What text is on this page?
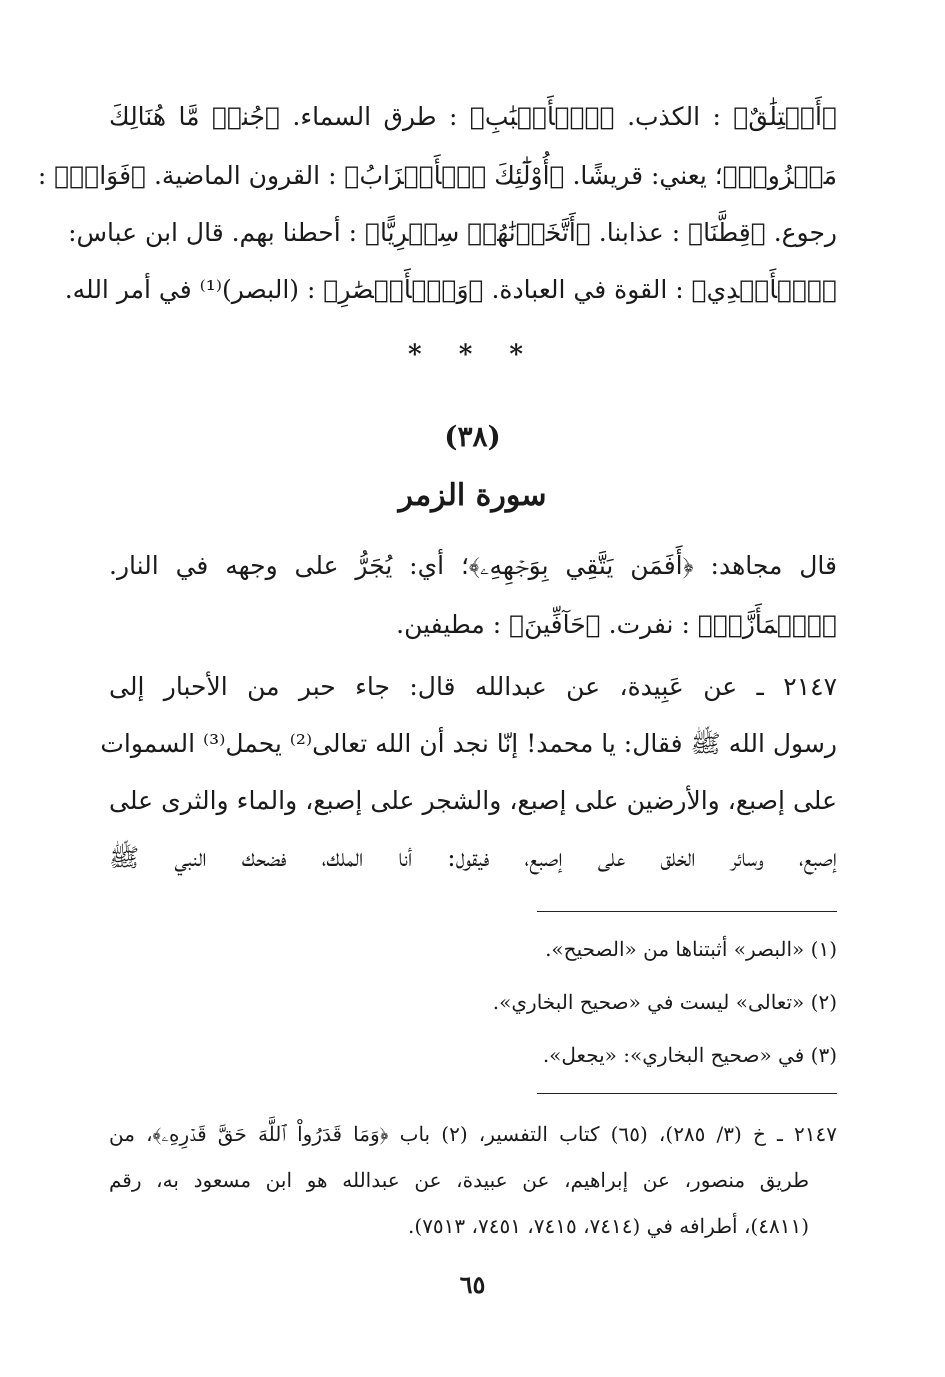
﴿أَخۡتِلَٰقٌ﴾ : الكذب. ﴿ٱلۡأَسۡبَٰبِ﴾ : طرق السماء. ﴿جُندٞ مَّا هُنَالِكَ
مَهۡزُومٞ﴾؛ يعني: قريشًا. ﴿أُوْلَٰٓئِكَ ٱلۡأَحۡزَابُ﴾ : القرون الماضية. ﴿فَوَاقٖ﴾ :
رجوع. ﴿قِطَّنَا﴾ : عذابنا. ﴿أَتَّخَذۡنَٰهُمۡ سِخۡرِيًّا﴾ : أحطنا بهم. قال ابن عباس:
﴿ٱلۡأَيۡدِي﴾ : القوة في العبادة. ﴿وَٱلۡأَبۡصَٰرِ﴾ : (البصر)⁽¹⁾ في أمر الله.
* * *
(٣٨)
سورة الزمر
قال مجاهد: ﴿أَفَمَن يَتَّقِي بِوَجۡهِهِۦ﴾؛ أي: يُجَرُّ على وجهه في النار.
﴿ٱشۡمَأَزَّتۡ﴾ : نفرت. ﴿حَآفِّينَ﴾ : مطيفين.
٢١٤٧ ـ عن عَبِيدة، عن عبدالله قال: جاء حبر من الأحبار إلى
رسول الله ﷺ فقال: يا محمد! إنّا نجد أن الله تعالى⁽²⁾ يحمل⁽³⁾ السموات
على إصبع، والأرضين على إصبع، والشجر على إصبع، والماء والثرى على
إصبع، وسائر الخلق على إصبع، فيقول: أنا الملك، فضحك النبي ﷺ
(١) «البصر» أثبتناها من «الصحيح».
(٢) «تعالى» ليست في «صحيح البخاري».
(٣) في «صحيح البخاري»: «يجعل».
٢١٤٧ ـ خ (٣/ ٢٨٥)، (٦٥) كتاب التفسير، (٢) باب ﴿وَمَا قَدَرُواْ ٱللَّهَ حَقَّ قَدۡرِهِۦ﴾، من
طريق منصور، عن إبراهيم، عن عبيدة، عن عبدالله هو ابن مسعود به، رقم
(٤٨١١)، أطرافه في (٧٤١٤، ٧٤١٥، ٧٤٥١، ٧٥١٣).
٦٥
